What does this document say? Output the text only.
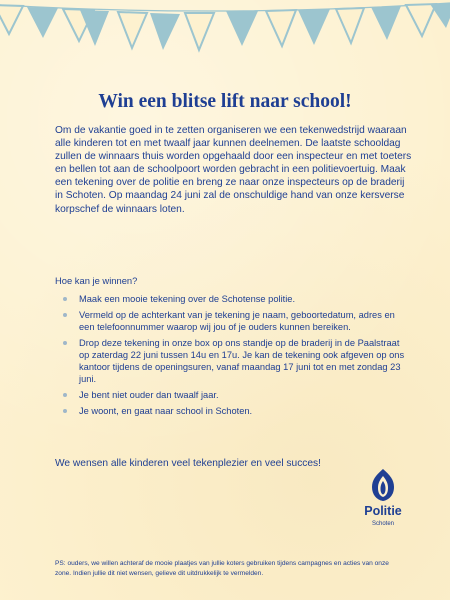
Win een blitse lift naar school!

Om de vakantie goed in te zetten organiseren we een tekenwedstrijd waaraan alle kinderen tot en met twaalf jaar kunnen deelnemen. De laatste schooldag zullen de winnaars thuis worden opgehaald door een inspecteur en met toeters en bellen tot aan de schoolpoort worden gebracht in een politievoertuig. Maak een tekening over de politie en breng ze naar onze inspecteurs op de braderij in Schoten. Op maandag 24 juni zal de onschuldige hand van onze kersverse korpschef de winnaars loten.

Hoe kan je winnen?

Maak een mooie tekening over de Schotense politie.
Vermeld op de achterkant van je tekening je naam, geboortedatum, adres en een telefoonnummer waarop wij jou of je ouders kunnen bereiken.
Drop deze tekening in onze box op ons standje op de braderij in de Paalstraat op zaterdag 22 juni tussen 14u en 17u. Je kan de tekening ook afgeven op ons kantoor tijdens de openingsuren, vanaf maandag 17 juni tot en met zondag 23 juni.
Je bent niet ouder dan twaalf jaar.
Je woont, en gaat naar school in Schoten.

We wensen alle kinderen veel tekenplezier en veel succes!

Politie
Schoten

PS: ouders, we willen achteraf de mooie plaatjes van jullie koters gebruiken tijdens campagnes en acties van onze zone. Indien jullie dit niet wensen, gelieve dit uitdrukkelijk te vermelden.
